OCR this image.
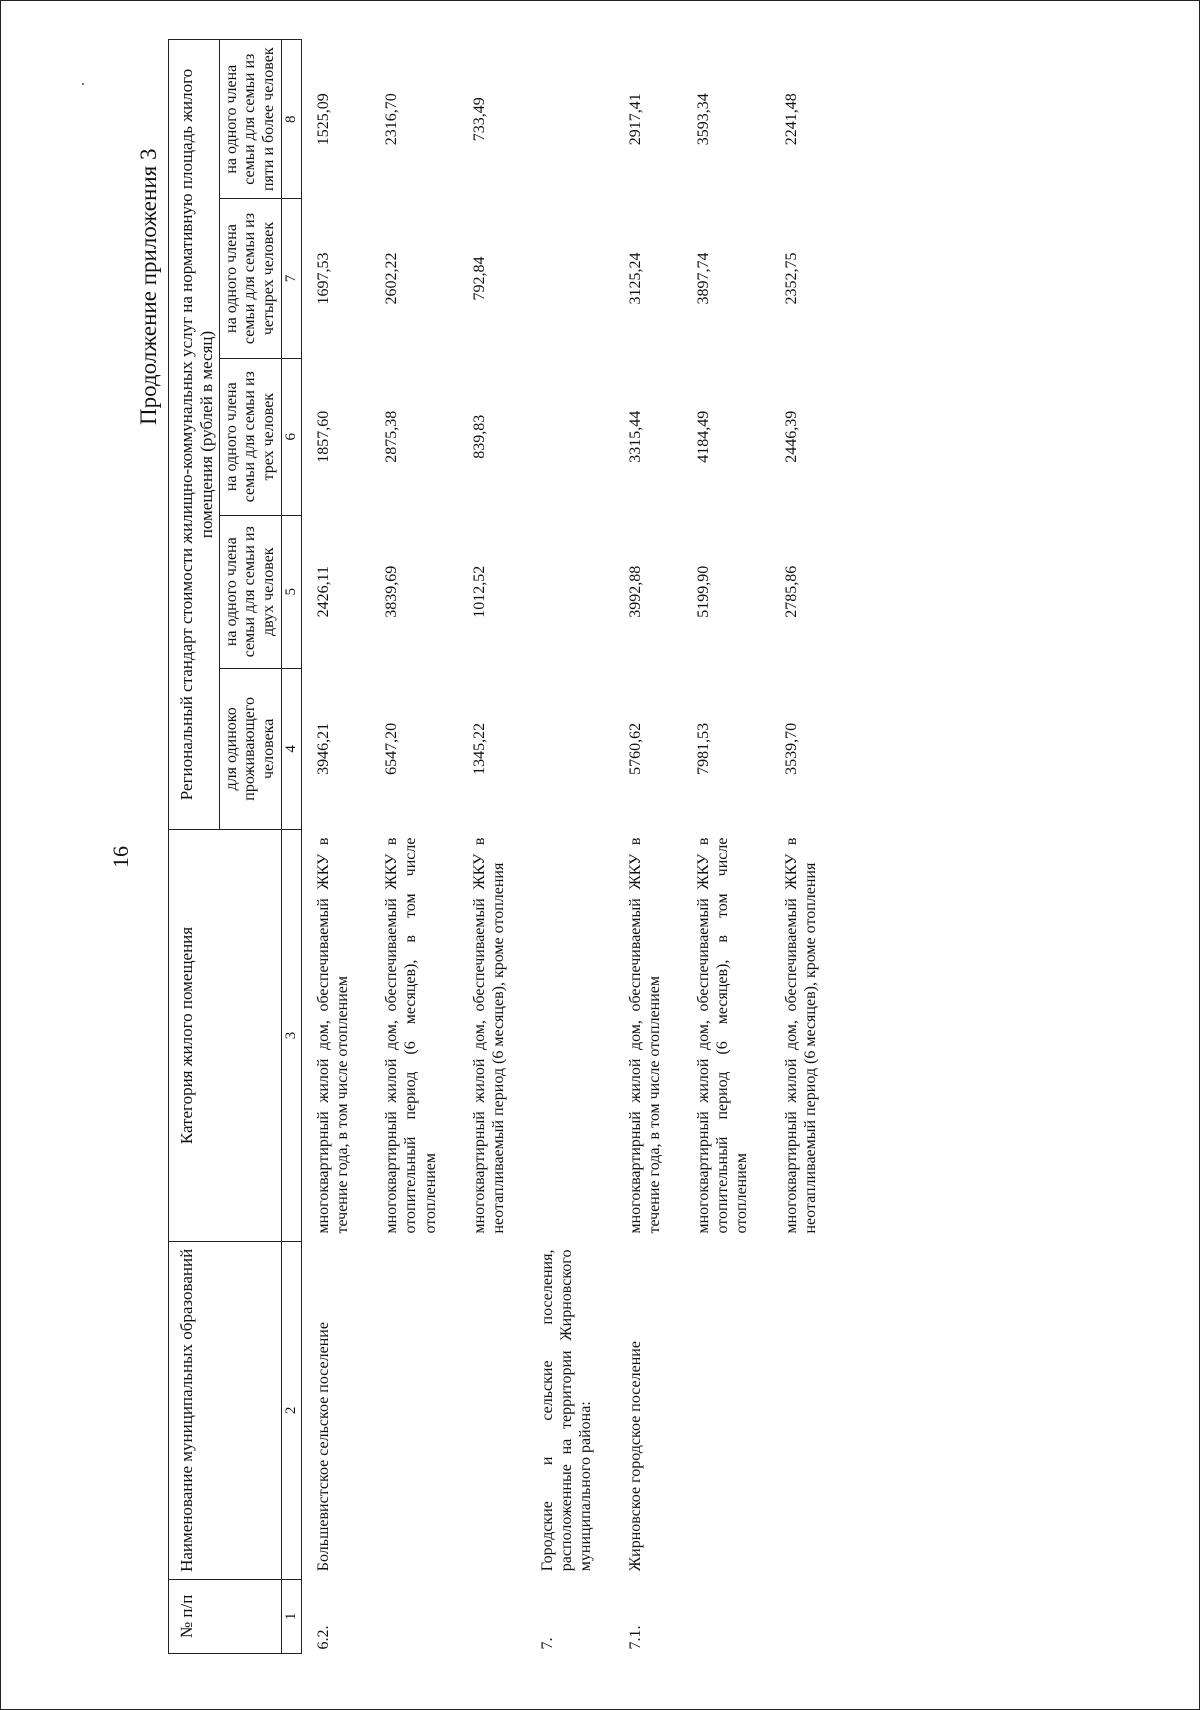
16
Продолжение приложения 3
№ п/п	Наименование муниципальных образований	Категория жилого помещения	Региональный стандарт стоимости жилищно-коммунальных услуг на нормативную площадь жилого помещения (рублей в месяц)				
			для одиноко проживающего человека	на одного члена семьи для семьи из двух человек	на одного члена семьи для семьи из трех человек	на одного члена семьи для семьи из четырех человек	на одного члена семьи для семьи из пяти и более человек
1	2	3	4	5	6	7	8
6.2.	Большевистское сельское поселение	многоквартирный жилой дом, обеспечиваемый ЖКУ в течение года, в том числе отоплением	3946,21	2426,11	1857,60	1697,53	1525,09
		многоквартирный жилой дом, обеспечиваемый ЖКУ в отопительный период (6 месяцев), в том числе отоплением	6547,20	3839,69	2875,38	2602,22	2316,70
		многоквартирный жилой дом, обеспечиваемый ЖКУ в неотапливаемый период (6 месяцев), кроме отопления	1345,22	1012,52	839,83	792,84	733,49
7.	Городские и сельские поселения, расположенные на территории Жирновского муниципального района:						
7.1.	Жирновское городское поселение	многоквартирный жилой дом, обеспечиваемый ЖКУ в течение года, в том числе отоплением	5760,62	3992,88	3315,44	3125,24	2917,41
		многоквартирный жилой дом, обеспечиваемый ЖКУ в отопительный период (6 месяцев), в том числе отоплением	7981,53	5199,90	4184,49	3897,74	3593,34
		многоквартирный жилой дом, обеспечиваемый ЖКУ в неотапливаемый период (6 месяцев), кроме отопления	3539,70	2785,86	2446,39	2352,75	2241,48
